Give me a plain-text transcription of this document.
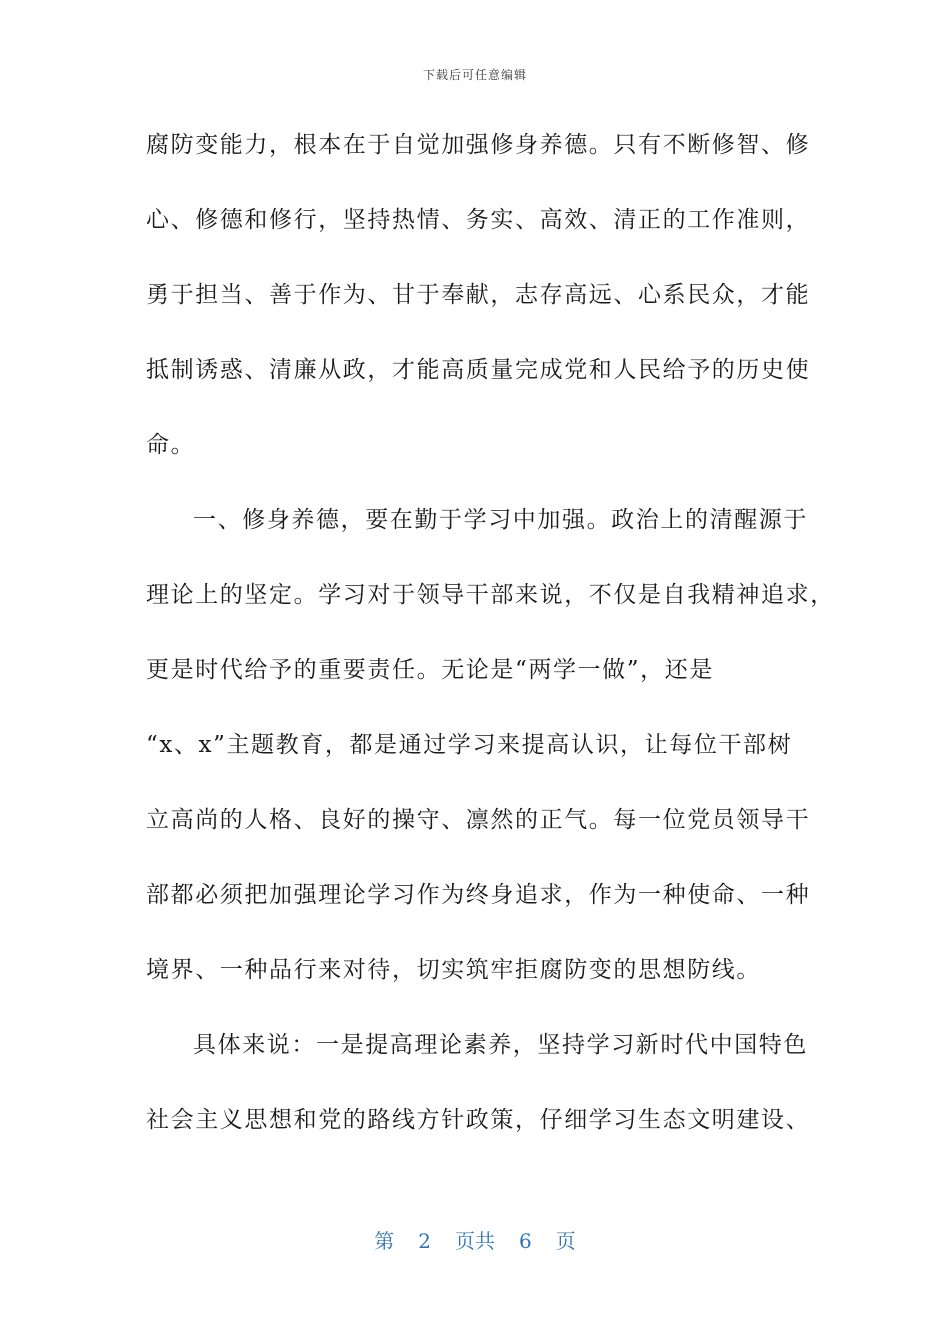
下载后可任意编辑
腐防变能力，根本在于自觉加强修身养德。只有不断修智、修
心、修德和修行，坚持热情、务实、高效、清正的工作准则，
勇于担当、善于作为、甘于奉献，志存高远、心系民众，才能
抵制诱惑、清廉从政，才能高质量完成党和人民给予的历史使
命。
一、修身养德，要在勤于学习中加强。政治上的清醒源于
理论上的坚定。学习对于领导干部来说，不仅是自我精神追求，
更是时代给予的重要责任。无论是“两学一做”，还是
“x、x”主题教育，都是通过学习来提高认识，让每位干部树
立高尚的人格、良好的操守、凛然的正气。每一位党员领导干
部都必须把加强理论学习作为终身追求，作为一种使命、一种
境界、一种品行来对待，切实筑牢拒腐防变的思想防线。
具体来说：一是提高理论素养，坚持学习新时代中国特色
社会主义思想和党的路线方针政策，仔细学习生态文明建设、
第 2 页共 6 页
